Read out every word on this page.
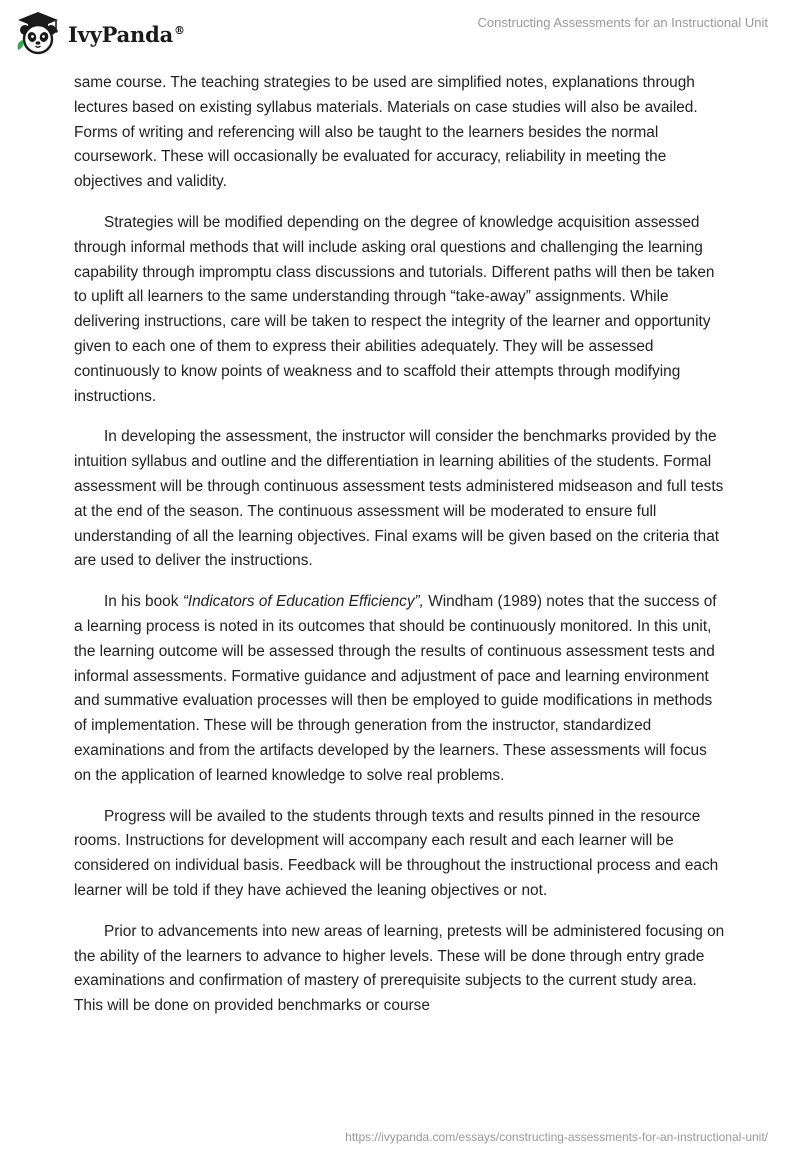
IvyPanda®	Constructing Assessments for an Instructional Unit

same course. The teaching strategies to be used are simplified notes, explanations through lectures based on existing syllabus materials. Materials on case studies will also be availed. Forms of writing and referencing will also be taught to the learners besides the normal coursework. These will occasionally be evaluated for accuracy, reliability in meeting the objectives and validity.

Strategies will be modified depending on the degree of knowledge acquisition assessed through informal methods that will include asking oral questions and challenging the learning capability through impromptu class discussions and tutorials. Different paths will then be taken to uplift all learners to the same understanding through “take-away” assignments. While delivering instructions, care will be taken to respect the integrity of the learner and opportunity given to each one of them to express their abilities adequately. They will be assessed continuously to know points of weakness and to scaffold their attempts through modifying instructions.

In developing the assessment, the instructor will consider the benchmarks provided by the intuition syllabus and outline and the differentiation in learning abilities of the students. Formal assessment will be through continuous assessment tests administered midseason and full tests at the end of the season. The continuous assessment will be moderated to ensure full understanding of all the learning objectives. Final exams will be given based on the criteria that are used to deliver the instructions.

In his book “Indicators of Education Efficiency”, Windham (1989) notes that the success of a learning process is noted in its outcomes that should be continuously monitored. In this unit, the learning outcome will be assessed through the results of continuous assessment tests and informal assessments. Formative guidance and adjustment of pace and learning environment and summative evaluation processes will then be employed to guide modifications in methods of implementation. These will be through generation from the instructor, standardized examinations and from the artifacts developed by the learners. These assessments will focus on the application of learned knowledge to solve real problems.

Progress will be availed to the students through texts and results pinned in the resource rooms. Instructions for development will accompany each result and each learner will be considered on individual basis. Feedback will be throughout the instructional process and each learner will be told if they have achieved the leaning objectives or not.

Prior to advancements into new areas of learning, pretests will be administered focusing on the ability of the learners to advance to higher levels. These will be done through entry grade examinations and confirmation of mastery of prerequisite subjects to the current study area. This will be done on provided benchmarks or course

https://ivypanda.com/essays/constructing-assessments-for-an-instructional-unit/
